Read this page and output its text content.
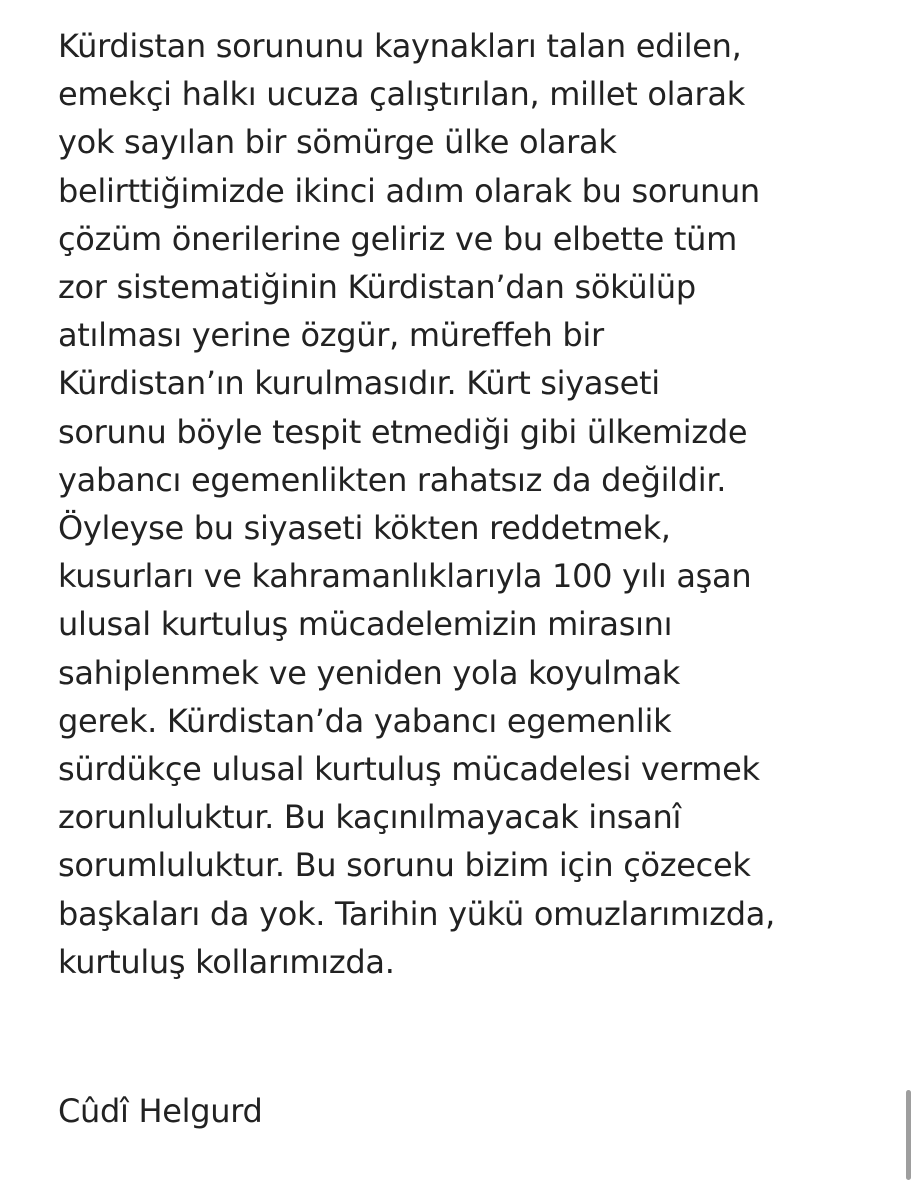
Kürdistan sorununu kaynakları talan edilen,
emekçi halkı ucuza çalıştırılan, millet olarak
yok sayılan bir sömürge ülke olarak
belirttiğimizde ikinci adım olarak bu sorunun
çözüm önerilerine geliriz ve bu elbette tüm
zor sistematiğinin Kürdistan’dan sökülüp
atılması yerine özgür, müreffeh bir
Kürdistan’ın kurulmasıdır. Kürt siyaseti
sorunu böyle tespit etmediği gibi ülkemizde
yabancı egemenlikten rahatsız da değildir.
Öyleyse bu siyaseti kökten reddetmek,
kusurları ve kahramanlıklarıyla 100 yılı aşan
ulusal kurtuluş mücadelemizin mirasını
sahiplenmek ve yeniden yola koyulmak
gerek. Kürdistan’da yabancı egemenlik
sürdükçe ulusal kurtuluş mücadelesi vermek
zorunluluktur. Bu kaçınılmayacak insanî
sorumluluktur. Bu sorunu bizim için çözecek
başkaları da yok. Tarihin yükü omuzlarımızda,
kurtuluş kollarımızda.

Cûdî Helgurd
